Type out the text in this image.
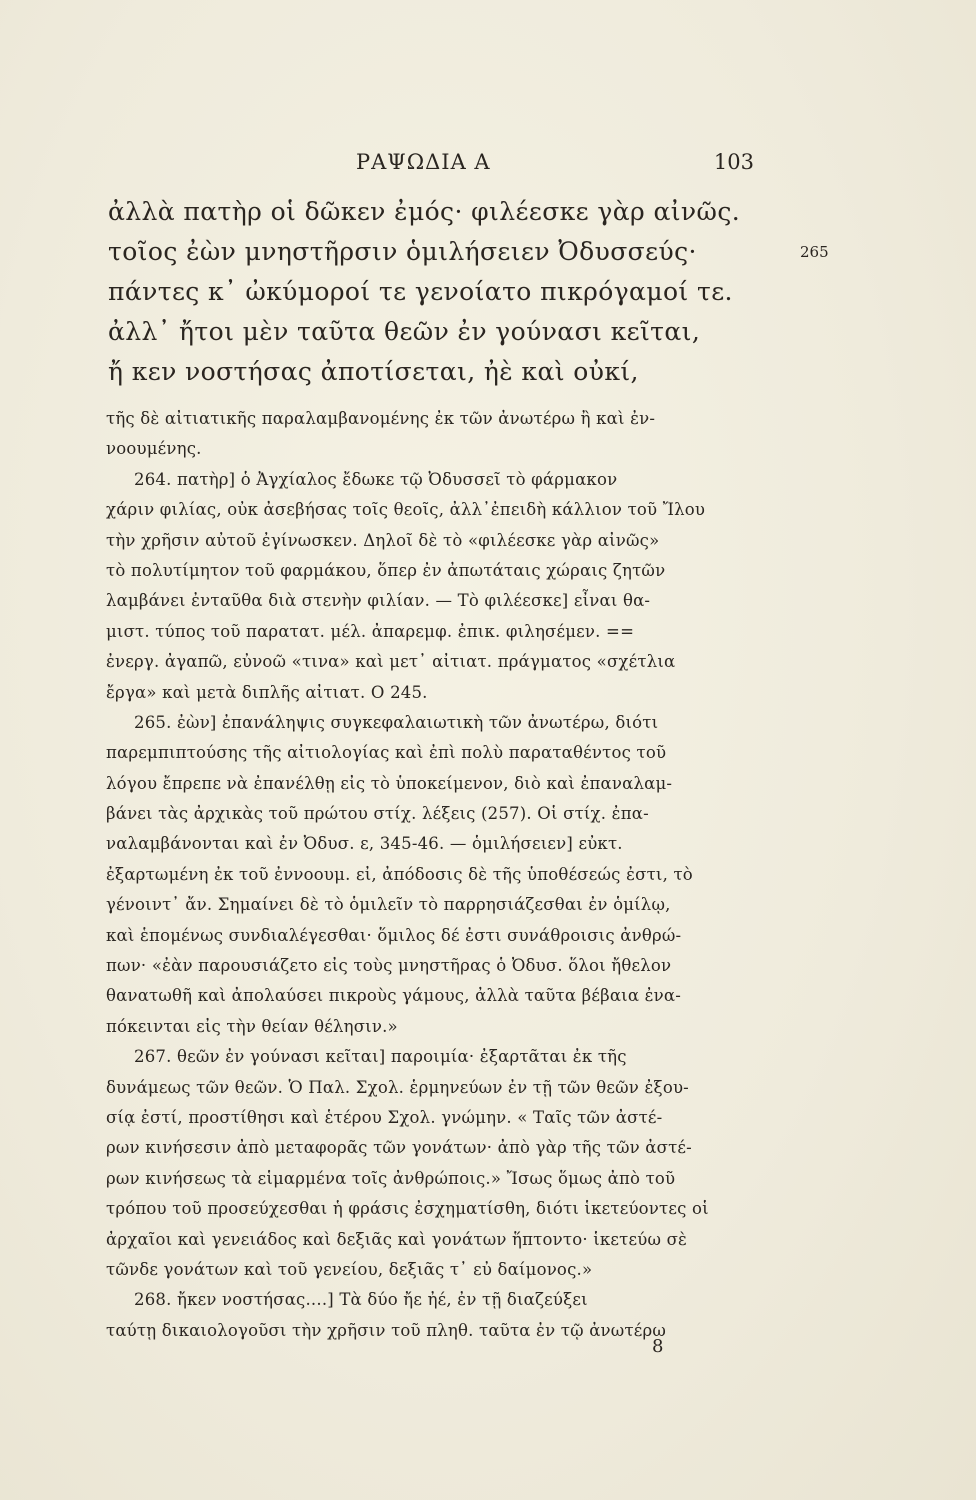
ΡΑΨΩΔΙΑ Α	103
ἀλλὰ πατὴρ οἱ δῶκεν ἐμός· φιλέεσκε γὰρ αἰνῶς.
τοῖος ἐὼν μνηστῆρσιν ὁμιλήσειεν Ὀδυσσεύς·
πάντες κ᾿ ὠκύμοροί τε γενοίατο πικρόγαμοί τε.
ἀλλ᾿ ἤτοι μὲν ταῦτα θεῶν ἐν γούνασι κεῖται,
ἤ κεν νοστήσας ἀποτίσεται, ἠὲ καὶ οὐκί,
265
τῆς δὲ αἰτιατικῆς παραλαμβανομένης ἐκ τῶν ἀνωτέρω ἢ καὶ ἐν-
νοουμένης.
264. πατὴρ] ὁ Ἀγχίαλος ἔδωκε τῷ Ὀδυσσεῖ τὸ φάρμακον
χάριν φιλίας, οὐκ ἀσεβήσας τοῖς θεοῖς, ἀλλ᾿ἐπειδὴ κάλλιον τοῦ Ἴλου
τὴν χρῆσιν αὐτοῦ ἐγίνωσκεν. Δηλοῖ δὲ τὸ «φιλέεσκε γὰρ αἰνῶς»
τὸ πολυτίμητον τοῦ φαρμάκου, ὅπερ ἐν ἀπωτάταις χώραις ζητῶν
λαμβάνει ἐνταῦθα διὰ στενὴν φιλίαν. — Τὸ φιλέεσκε] εἶναι θα-
μιστ. τύπος τοῦ παρατατ. μέλ. ἀπαρεμφ. ἐπικ. φιλησέμεν. ==
ἐνεργ. ἀγαπῶ, εὐνοῶ «τινα» καὶ μετ᾿ αἰτιατ. πράγματος «σχέτλια
ἔργα» καὶ μετὰ διπλῆς αἰτιατ. Ο 245.
265. ἐὼν] ἐπανάληψις συγκεφαλαιωτικὴ τῶν ἀνωτέρω, διότι
παρεμπιπτούσης τῆς αἰτιολογίας καὶ ἐπὶ πολὺ παραταθέντος τοῦ
λόγου ἔπρεπε νὰ ἐπανέλθῃ εἰς τὸ ὑποκείμενον, διὸ καὶ ἐπαναλαμ-
βάνει τὰς ἀρχικὰς τοῦ πρώτου στίχ. λέξεις (257). Οἱ στίχ. ἐπα-
ναλαμβάνονται καὶ ἐν Ὀδυσ. ε, 345-46. — ὁμιλήσειεν] εὐκτ.
ἐξαρτωμένη ἐκ τοῦ ἐννοουμ. εἰ, ἀπόδοσις δὲ τῆς ὑποθέσεώς ἐστι, τὸ
γένοιντ᾿ ἄν. Σημαίνει δὲ τὸ ὁμιλεῖν τὸ παρρησιάζεσθαι ἐν ὁμίλῳ,
καὶ ἑπομένως συνδιαλέγεσθαι· ὅμιλος δέ ἐστι συνάθροισις ἀνθρώ-
πων· «ἐὰν παρουσιάζετο εἰς τοὺς μνηστῆρας ὁ Ὀδυσ. ὅλοι ἤθελον
θανατωθῆ καὶ ἀπολαύσει πικροὺς γάμους, ἀλλὰ ταῦτα βέβαια ἐνα-
πόκεινται εἰς τὴν θείαν θέλησιν.»
267. θεῶν ἐν γούνασι κεῖται] παροιμία· ἐξαρτᾶται ἐκ τῆς
δυνάμεως τῶν θεῶν. Ὁ Παλ. Σχολ. ἑρμηνεύων ἐν τῇ τῶν θεῶν ἐξου-
σίᾳ ἐστί, προστίθησι καὶ ἑτέρου Σχολ. γνώμην. « Ταῖς τῶν ἀστέ-
ρων κινήσεσιν ἀπὸ μεταφορᾶς τῶν γονάτων· ἀπὸ γὰρ τῆς τῶν ἀστέ-
ρων κινήσεως τὰ εἱμαρμένα τοῖς ἀνθρώποις.» Ἴσως ὅμως ἀπὸ τοῦ
τρόπου τοῦ προσεύχεσθαι ἡ φράσις ἐσχηματίσθη, διότι ἱκετεύοντες οἱ
ἀρχαῖοι καὶ γενειάδος καὶ δεξιᾶς καὶ γονάτων ἥπτοντο· ἱκετεύω σὲ
τῶνδε γονάτων καὶ τοῦ γενείου, δεξιᾶς τ᾿ εὐ δαίμονος.»
268. ἤκεν νοστήσας....] Τὰ δύο ἤε ἠέ, ἐν τῇ διαζεύξει
ταύτῃ δικαιολογοῦσι τὴν χρῆσιν τοῦ πληθ. ταῦτα ἐν τῷ ἀνωτέρω
8
